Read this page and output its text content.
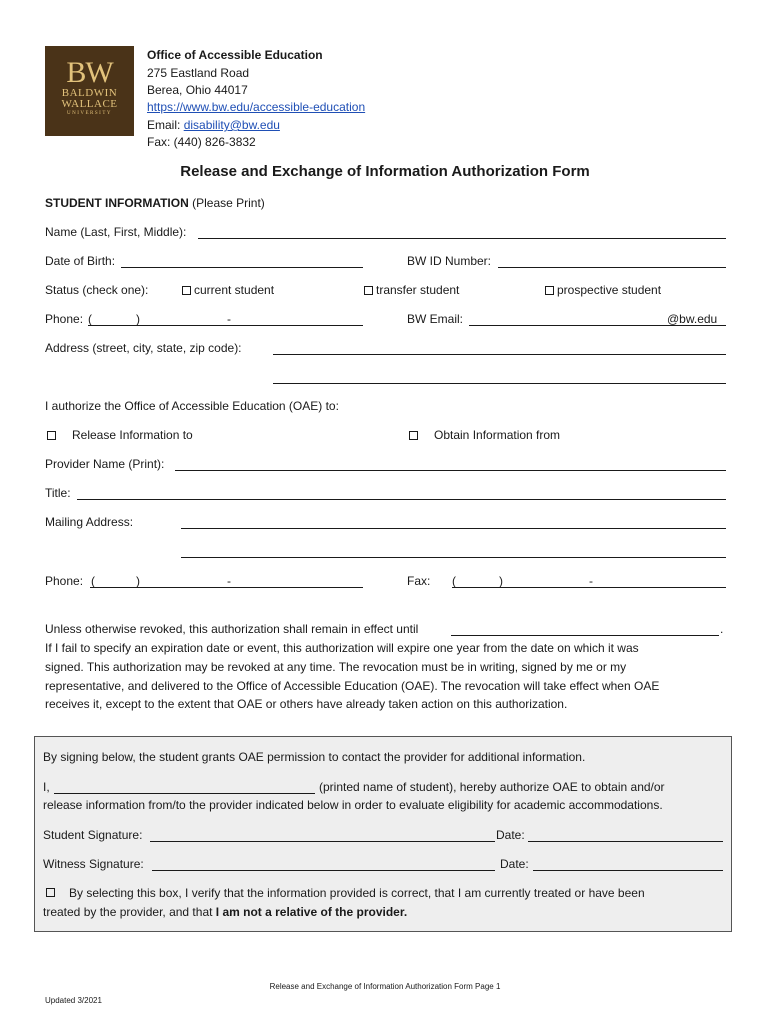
BW
BALDWIN
WALLACE
UNIVERSITY
Office of Accessible Education
275 Eastland Road
Berea, Ohio 44017
https://www.bw.edu/accessible-education
Email: disability@bw.edu
Fax: (440) 826-3832
Release and Exchange of Information Authorization Form
STUDENT INFORMATION (Please Print)
Name (Last, First, Middle):
Date of Birth:	BW ID Number:
Status (check one):	current student	transfer student	prospective student
Phone: (	)	-	BW Email:	@bw.edu
Address (street, city, state, zip code):
I authorize the Office of Accessible Education (OAE) to:
Release Information to	Obtain Information from
Provider Name (Print):
Title:
Mailing Address:
Phone: (	)	-	Fax: (	)	-
Unless otherwise revoked, this authorization shall remain in effect until	.
If I fail to specify an expiration date or event, this authorization will expire one year from the date on which it was
signed. This authorization may be revoked at any time. The revocation must be in writing, signed by me or my
representative, and delivered to the Office of Accessible Education (OAE). The revocation will take effect when OAE
receives it, except to the extent that OAE or others have already taken action on this authorization.
By signing below, the student grants OAE permission to contact the provider for additional information.
I,	(printed name of student), hereby authorize OAE to obtain and/or
release information from/to the provider indicated below in order to evaluate eligibility for academic accommodations.
Student Signature:	Date:
Witness Signature:	Date:
By selecting this box, I verify that the information provided is correct, that I am currently treated or have been
treated by the provider, and that I am not a relative of the provider.
Release and Exchange of Information Authorization Form Page 1
Updated 3/2021
